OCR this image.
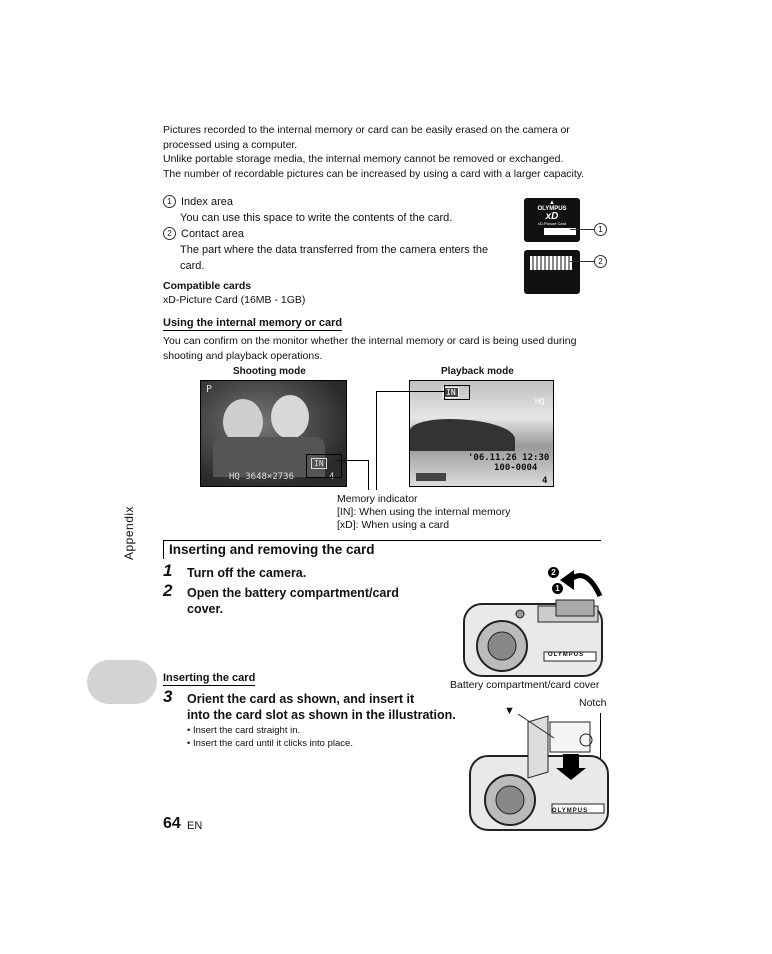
Pictures recorded to the internal memory or card can be easily erased on the camera or
processed using a computer.
Unlike portable storage media, the internal memory cannot be removed or exchanged.
The number of recordable pictures can be increased by using a card with a larger capacity.
1 Index area
You can use this space to write the contents of the card.
2 Contact area
The part where the data transferred from the camera enters the
card.
▲
OLYMPUS
xD
xD-Picture Card
1
2
Compatible cards
xD-Picture Card (16MB - 1GB)
Using the internal memory or card
You can confirm on the monitor whether the internal memory or card is being used during
shooting and playback operations.
Shooting mode	Playback mode
P
IN
HQ 3648×2736	4
IN
HQ
'06.11.26 12:30
100-0004
4
Memory indicator
[IN]: When using the internal memory
[xD]: When using a card
Inserting and removing the card
Appendix
1 Turn off the camera.
2 Open the battery compartment/card
cover.
Inserting the card
3 Orient the card as shown, and insert it
into the card slot as shown in the illustration.
• Insert the card straight in.
• Insert the card until it clicks into place.
2
1
OLYMPUS
Battery compartment/card cover
Notch
▼
OLYMPUS
64 EN
